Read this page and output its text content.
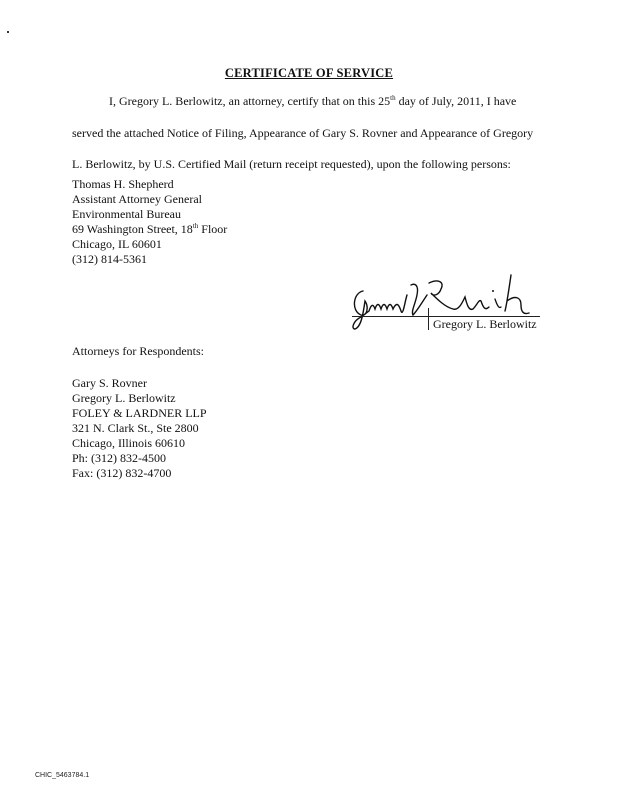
CERTIFICATE OF SERVICE
I, Gregory L. Berlowitz, an attorney, certify that on this 25th day of July, 2011, I have
served the attached Notice of Filing, Appearance of Gary S. Rovner and Appearance of Gregory
L. Berlowitz, by U.S. Certified Mail (return receipt requested), upon the following persons:
Thomas H. Shepherd
Assistant Attorney General
Environmental Bureau
69 Washington Street, 18th Floor
Chicago, IL 60601
(312) 814-5361
Gregory L. Berlowitz
Attorneys for Respondents:
Gary S. Rovner
Gregory L. Berlowitz
FOLEY & LARDNER LLP
321 N. Clark St., Ste 2800
Chicago, Illinois 60610
Ph: (312) 832-4500
Fax: (312) 832-4700
CHIC_5463784.1
